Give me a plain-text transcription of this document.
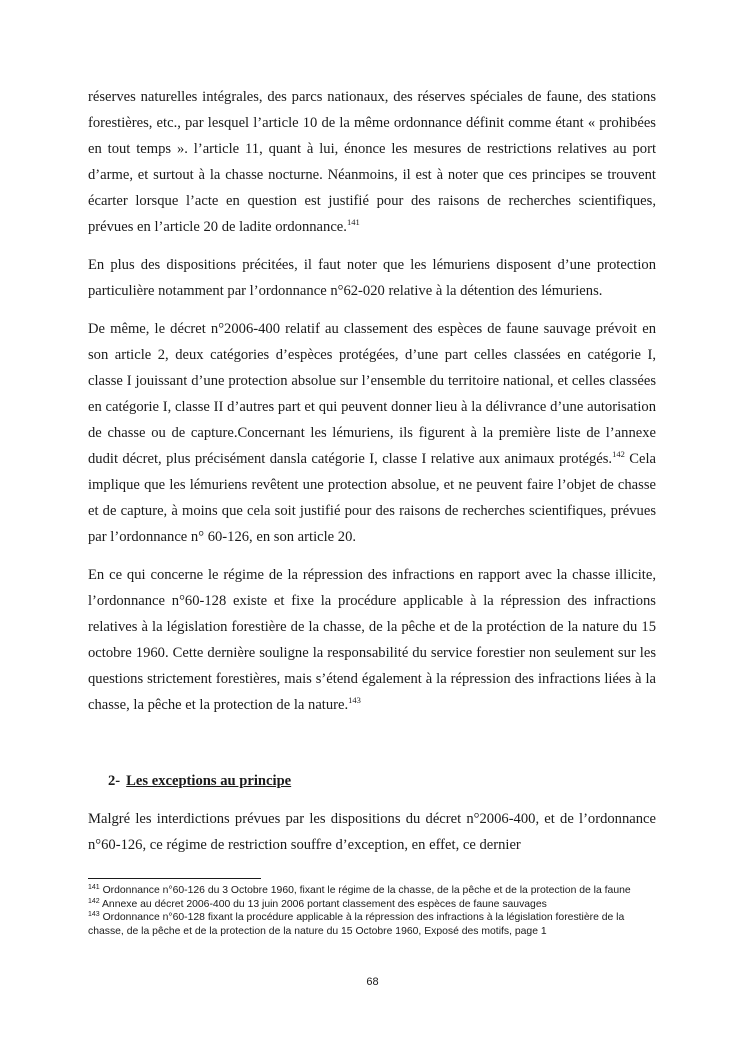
réserves naturelles intégrales, des parcs nationaux, des réserves spéciales de faune, des stations forestières, etc., par lesquel l’article 10 de la même ordonnance définit comme étant « prohibées en tout temps ». l’article 11, quant à lui, énonce les mesures de restrictions relatives au port d’arme, et surtout à la chasse nocturne. Néanmoins, il est à noter que ces principes se trouvent écarter lorsque l’acte en question est justifié pour des raisons de recherches scientifiques, prévues en l’article 20 de ladite ordonnance.$^{141}$

En plus des dispositions précitées, il faut noter que les lémuriens disposent d’une protection particulière notamment par l’ordonnance n°62-020 relative à la détention des lémuriens.

De même, le décret n°2006-400 relatif au classement des espèces de faune sauvage prévoit en son article 2, deux catégories d’espèces protégées, d’une part celles classées en catégorie I, classe I jouissant d’une protection absolue sur l’ensemble du territoire national, et celles classées en catégorie I, classe II d’autres part et qui peuvent donner lieu à la délivrance d’une autorisation de chasse ou de capture.Concernant les lémuriens, ils figurent à la première liste de l’annexe dudit décret, plus précisément dansla catégorie I, classe I relative aux animaux protégés.$^{142}$ Cela implique que les lémuriens revêtent une protection absolue, et ne peuvent faire l’objet de chasse et de capture, à moins que cela soit justifié pour des raisons de recherches scientifiques, prévues par l’ordonnance n° 60-126, en son article 20.

En ce qui concerne le régime de la répression des infractions en rapport avec la chasse illicite, l’ordonnance n°60-128 existe et fixe la procédure applicable à la répression des infractions relatives à la législation forestière de la chasse, de la pêche et de la protéction de la nature du 15 octobre 1960. Cette dernière souligne la responsabilité du service forestier non seulement sur les questions strictement forestières, mais s’étend également à la répression des infractions liées à la chasse, la pêche et la protection de la nature.$^{143}$

2- Les exceptions au principe

Malgré les interdictions prévues par les dispositions du décret n°2006-400, et de l’ordonnance n°60-126, ce régime de restriction souffre d’exception, en effet, ce dernier

$^{141}$ Ordonnance n°60-126 du 3 Octobre 1960, fixant le régime de la chasse, de la pêche et de la protection de la faune

$^{142}$ Annexe au décret 2006-400 du 13 juin 2006 portant classement des espèces de faune sauvages

$^{143}$ Ordonnance n°60-128 fixant la procédure applicable à la répression des infractions à la législation forestière de la chasse, de la pêche et de la protection de la nature du 15 Octobre 1960, Exposé des motifs, page 1

68
